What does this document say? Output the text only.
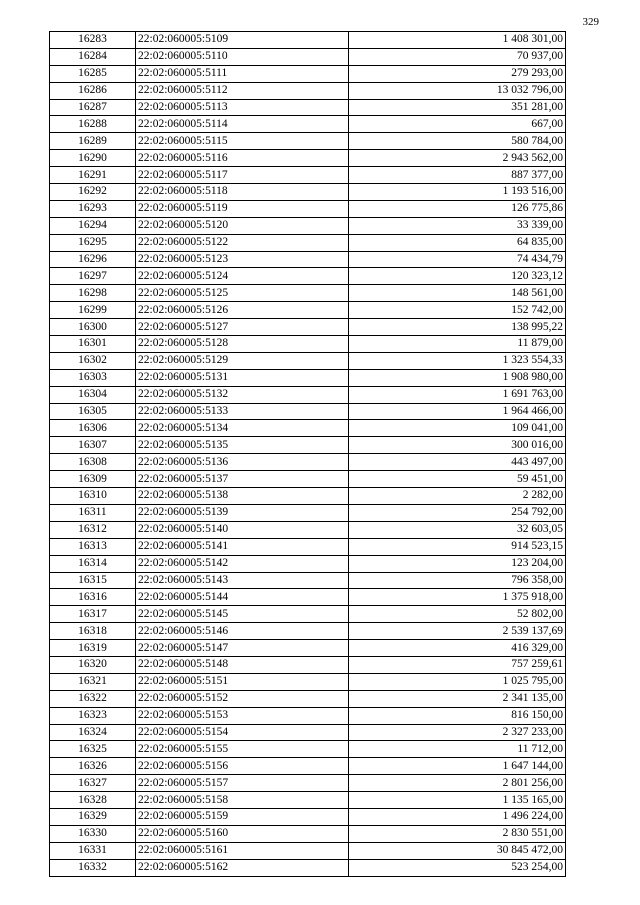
329
16283	22:02:060005:5109	1 408 301,00
16284	22:02:060005:5110	70 937,00
16285	22:02:060005:5111	279 293,00
16286	22:02:060005:5112	13 032 796,00
16287	22:02:060005:5113	351 281,00
16288	22:02:060005:5114	667,00
16289	22:02:060005:5115	580 784,00
16290	22:02:060005:5116	2 943 562,00
16291	22:02:060005:5117	887 377,00
16292	22:02:060005:5118	1 193 516,00
16293	22:02:060005:5119	126 775,86
16294	22:02:060005:5120	33 339,00
16295	22:02:060005:5122	64 835,00
16296	22:02:060005:5123	74 434,79
16297	22:02:060005:5124	120 323,12
16298	22:02:060005:5125	148 561,00
16299	22:02:060005:5126	152 742,00
16300	22:02:060005:5127	138 995,22
16301	22:02:060005:5128	11 879,00
16302	22:02:060005:5129	1 323 554,33
16303	22:02:060005:5131	1 908 980,00
16304	22:02:060005:5132	1 691 763,00
16305	22:02:060005:5133	1 964 466,00
16306	22:02:060005:5134	109 041,00
16307	22:02:060005:5135	300 016,00
16308	22:02:060005:5136	443 497,00
16309	22:02:060005:5137	59 451,00
16310	22:02:060005:5138	2 282,00
16311	22:02:060005:5139	254 792,00
16312	22:02:060005:5140	32 603,05
16313	22:02:060005:5141	914 523,15
16314	22:02:060005:5142	123 204,00
16315	22:02:060005:5143	796 358,00
16316	22:02:060005:5144	1 375 918,00
16317	22:02:060005:5145	52 802,00
16318	22:02:060005:5146	2 539 137,69
16319	22:02:060005:5147	416 329,00
16320	22:02:060005:5148	757 259,61
16321	22:02:060005:5151	1 025 795,00
16322	22:02:060005:5152	2 341 135,00
16323	22:02:060005:5153	816 150,00
16324	22:02:060005:5154	2 327 233,00
16325	22:02:060005:5155	11 712,00
16326	22:02:060005:5156	1 647 144,00
16327	22:02:060005:5157	2 801 256,00
16328	22:02:060005:5158	1 135 165,00
16329	22:02:060005:5159	1 496 224,00
16330	22:02:060005:5160	2 830 551,00
16331	22:02:060005:5161	30 845 472,00
16332	22:02:060005:5162	523 254,00
